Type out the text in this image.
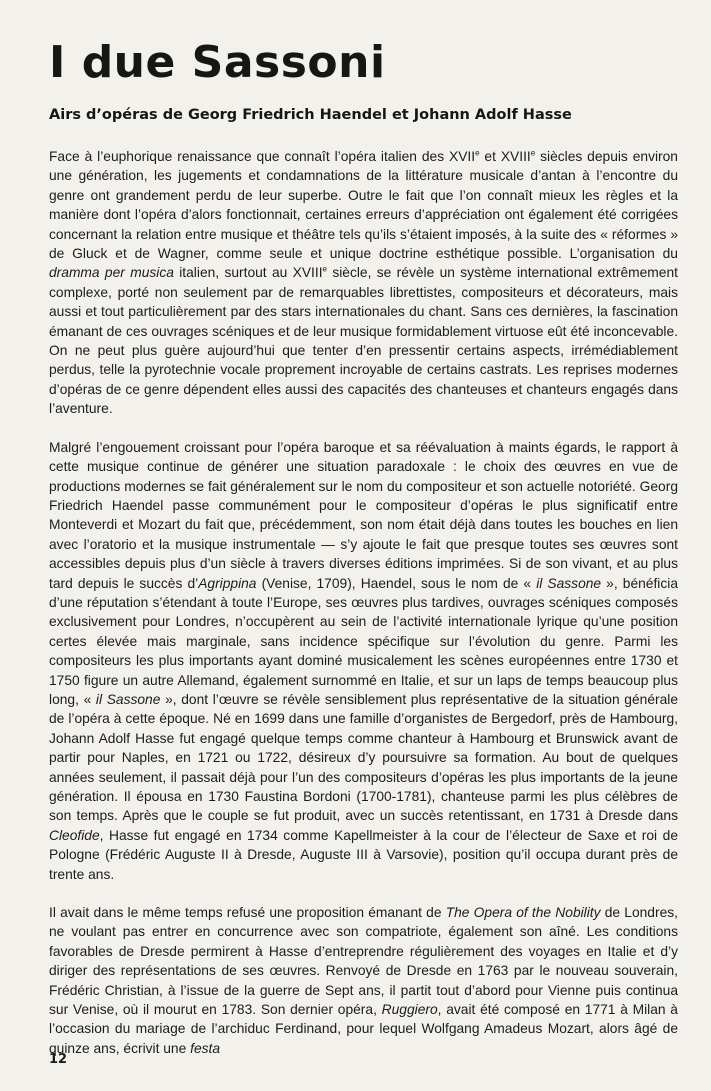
I due Sassoni
Airs d’opéras de Georg Friedrich Haendel et Johann Adolf Hasse

Face à l’euphorique renaissance que connaît l’opéra italien des XVIIe et XVIIIe siècles depuis environ une génération, les jugements et condamnations de la littérature musicale d’antan à l’encontre du genre ont grandement perdu de leur superbe. Outre le fait que l’on connaît mieux les règles et la manière dont l’opéra d’alors fonctionnait, certaines erreurs d’appréciation ont également été corrigées concernant la relation entre musique et théâtre tels qu’ils s’étaient imposés, à la suite des « réformes » de Gluck et de Wagner, comme seule et unique doctrine esthétique possible. L’organisation du dramma per musica italien, surtout au XVIIIe siècle, se révèle un système international extrêmement complexe, porté non seulement par de remarquables librettistes, compositeurs et décorateurs, mais aussi et tout particulièrement par des stars internationales du chant. Sans ces dernières, la fascination émanant de ces ouvrages scéniques et de leur musique formidablement virtuose eût été inconcevable. On ne peut plus guère aujourd’hui que tenter d’en pressentir certains aspects, irrémédiablement perdus, telle la pyrotechnie vocale proprement incroyable de certains castrats. Les reprises modernes d’opéras de ce genre dépendent elles aussi des capacités des chanteuses et chanteurs engagés dans l’aventure.

Malgré l’engouement croissant pour l’opéra baroque et sa réévaluation à maints égards, le rapport à cette musique continue de générer une situation paradoxale : le choix des œuvres en vue de productions modernes se fait généralement sur le nom du compositeur et son actuelle notoriété. Georg Friedrich Haendel passe communément pour le compositeur d’opéras le plus significatif entre Monteverdi et Mozart du fait que, précédemment, son nom était déjà dans toutes les bouches en lien avec l’oratorio et la musique instrumentale — s’y ajoute le fait que presque toutes ses œuvres sont accessibles depuis plus d’un siècle à travers diverses éditions imprimées. Si de son vivant, et au plus tard depuis le succès d’Agrippina (Venise, 1709), Haendel, sous le nom de « il Sassone », bénéficia d’une réputation s’étendant à toute l’Europe, ses œuvres plus tardives, ouvrages scéniques composés exclusivement pour Londres, n’occupèrent au sein de l’activité internationale lyrique qu’une position certes élevée mais marginale, sans incidence spécifique sur l’évolution du genre. Parmi les compositeurs les plus importants ayant dominé musicalement les scènes européennes entre 1730 et 1750 figure un autre Allemand, également surnommé en Italie, et sur un laps de temps beaucoup plus long, « il Sassone », dont l’œuvre se révèle sensiblement plus représentative de la situation générale de l’opéra à cette époque. Né en 1699 dans une famille d’organistes de Bergedorf, près de Hambourg, Johann Adolf Hasse fut engagé quelque temps comme chanteur à Hambourg et Brunswick avant de partir pour Naples, en 1721 ou 1722, désireux d’y poursuivre sa formation. Au bout de quelques années seulement, il passait déjà pour l’un des compositeurs d’opéras les plus importants de la jeune génération. Il épousa en 1730 Faustina Bordoni (1700-1781), chanteuse parmi les plus célèbres de son temps. Après que le couple se fut produit, avec un succès retentissant, en 1731 à Dresde dans Cleofide, Hasse fut engagé en 1734 comme Kapellmeister à la cour de l’électeur de Saxe et roi de Pologne (Frédéric Auguste II à Dresde, Auguste III à Varsovie), position qu’il occupa durant près de trente ans.

Il avait dans le même temps refusé une proposition émanant de The Opera of the Nobility de Londres, ne voulant pas entrer en concurrence avec son compatriote, également son aîné. Les conditions favorables de Dresde permirent à Hasse d’entreprendre régulièrement des voyages en Italie et d’y diriger des représentations de ses œuvres. Renvoyé de Dresde en 1763 par le nouveau souverain, Frédéric Christian, à l’issue de la guerre de Sept ans, il partit tout d’abord pour Vienne puis continua sur Venise, où il mourut en 1783. Son dernier opéra, Ruggiero, avait été composé en 1771 à Milan à l’occasion du mariage de l’archiduc Ferdinand, pour lequel Wolfgang Amadeus Mozart, alors âgé de quinze ans, écrivit une festa

12
